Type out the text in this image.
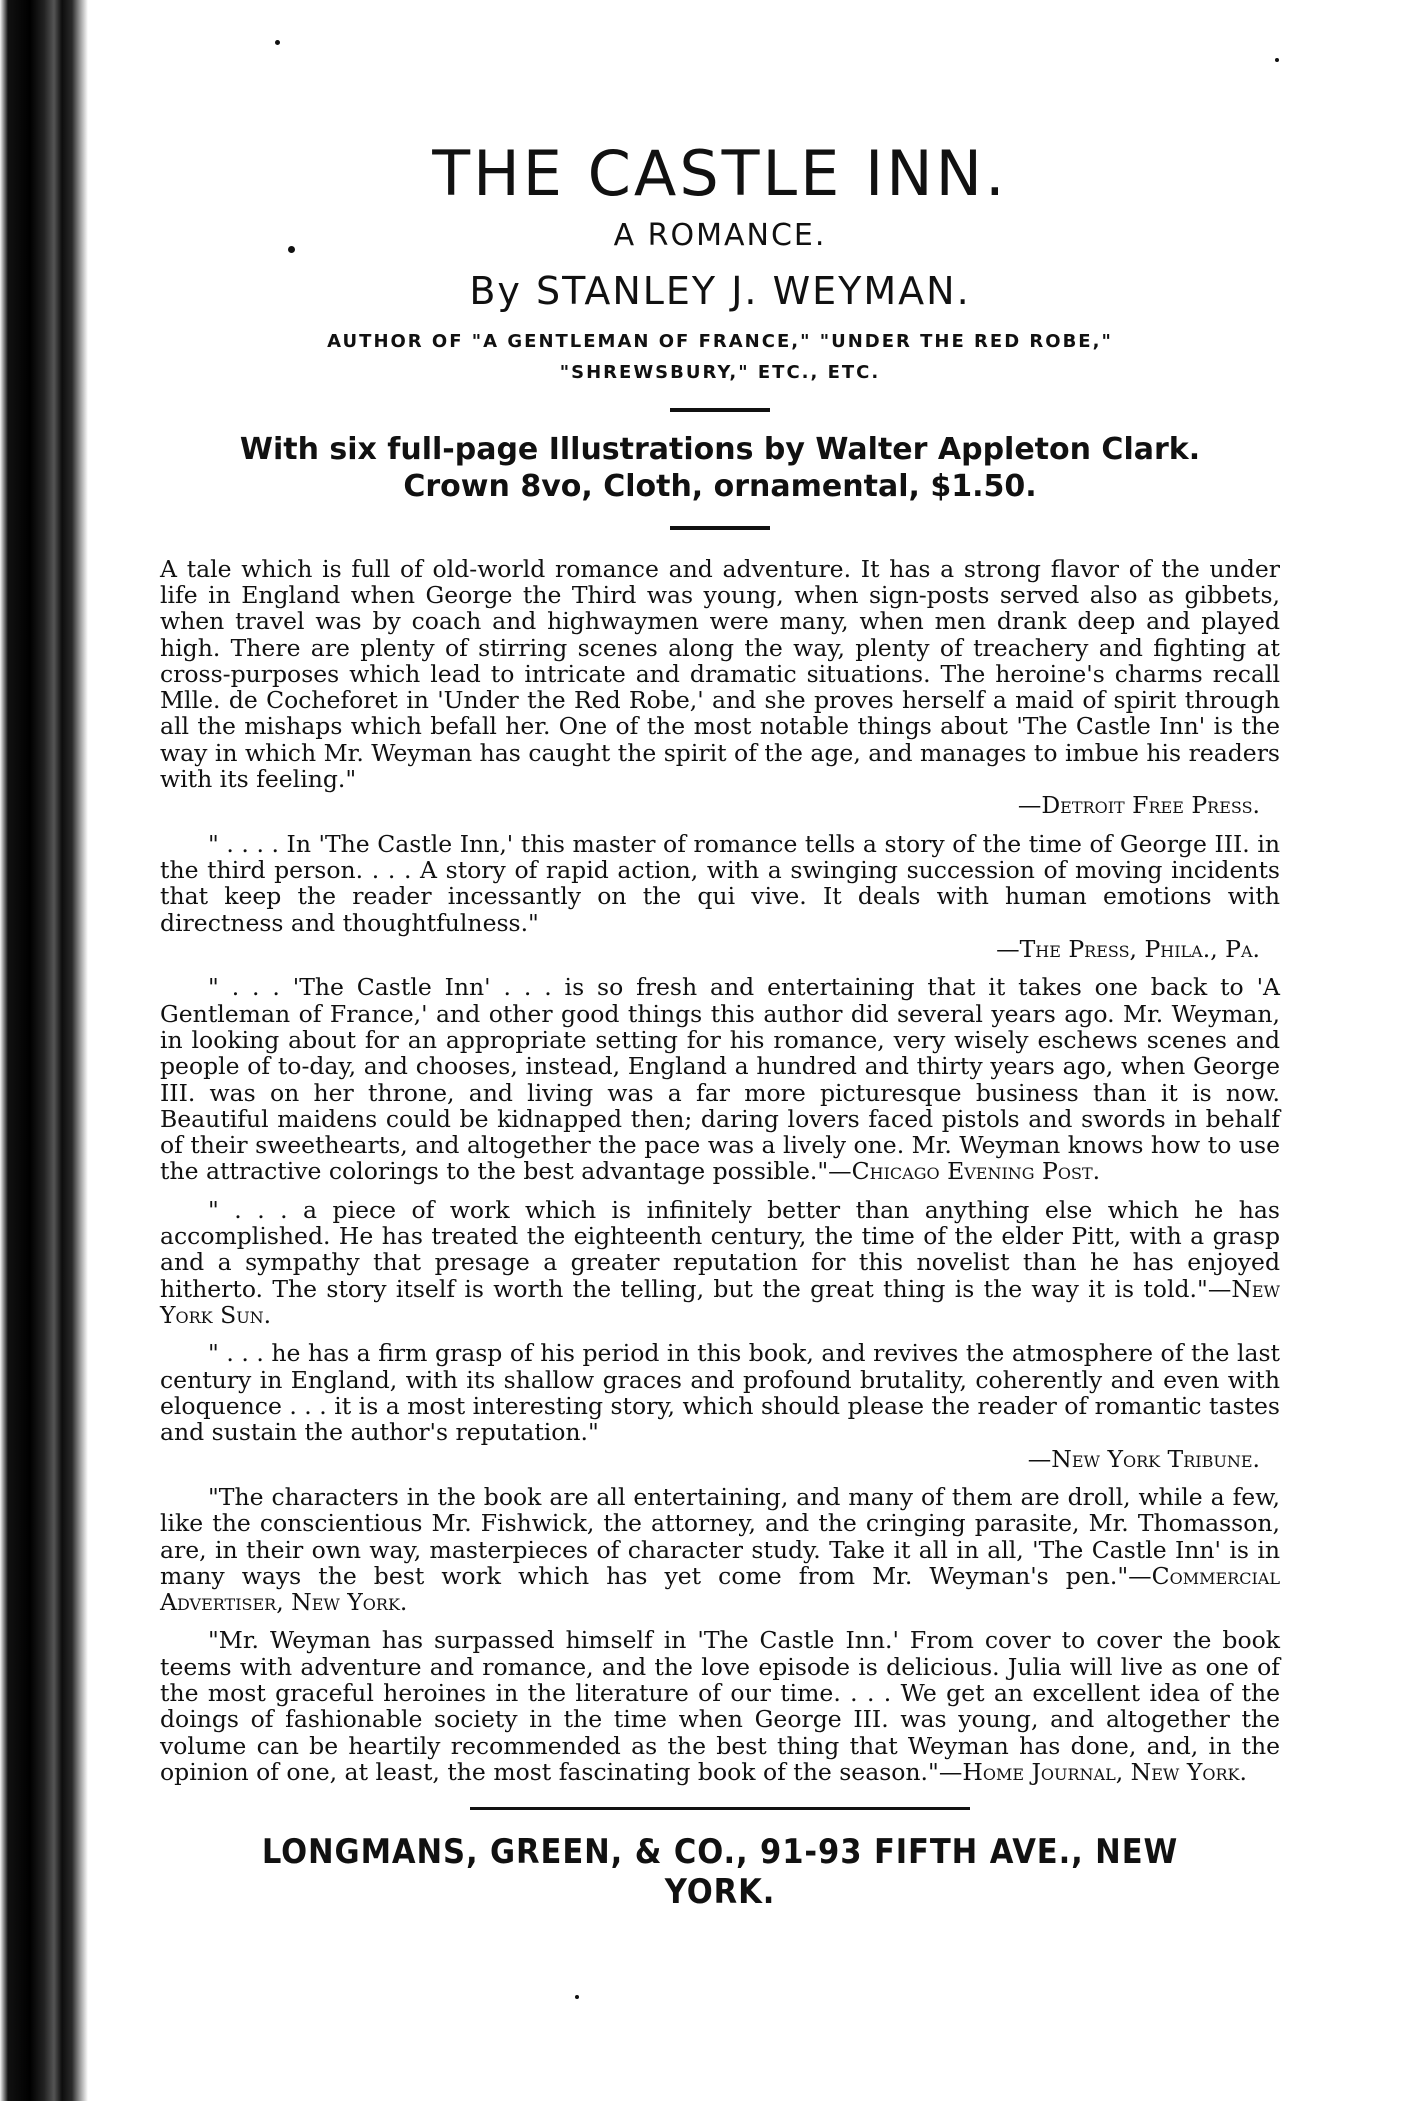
THE CASTLE INN.
A ROMANCE.
By STANLEY J. WEYMAN.
AUTHOR OF "A GENTLEMAN OF FRANCE," "UNDER THE RED ROBE,"
"SHREWSBURY," ETC., ETC.
With six full-page Illustrations by Walter Appleton Clark.
Crown 8vo, Cloth, ornamental, $1.50.

A tale which is full of old-world romance and adventure. It has a strong flavor of the under life in England when George the Third was young, when sign-posts served also as gibbets, when travel was by coach and highwaymen were many, when men drank deep and played high. There are plenty of stirring scenes along the way, plenty of treachery and fighting at cross-purposes which lead to intricate and dramatic situations. The heroine's charms recall Mlle. de Cocheforet in 'Under the Red Robe,' and she proves herself a maid of spirit through all the mishaps which befall her. One of the most notable things about 'The Castle Inn' is the way in which Mr. Weyman has caught the spirit of the age, and manages to imbue his readers with its feeling."

—Detroit Free Press.

" . . . . In 'The Castle Inn,' this master of romance tells a story of the time of George III. in the third person. . . . A story of rapid action, with a swinging succession of moving incidents that keep the reader incessantly on the qui vive. It deals with human emotions with directness and thoughtfulness."

—The Press, Phila., Pa.

" . . . 'The Castle Inn' . . . is so fresh and entertaining that it takes one back to 'A Gentleman of France,' and other good things this author did several years ago. Mr. Weyman, in looking about for an appropriate setting for his romance, very wisely eschews scenes and people of to-day, and chooses, instead, England a hundred and thirty years ago, when George III. was on her throne, and living was a far more picturesque business than it is now. Beautiful maidens could be kidnapped then; daring lovers faced pistols and swords in behalf of their sweethearts, and altogether the pace was a lively one. Mr. Weyman knows how to use the attractive colorings to the best advantage possible."—Chicago Evening Post.

" . . . a piece of work which is infinitely better than anything else which he has accomplished. He has treated the eighteenth century, the time of the elder Pitt, with a grasp and a sympathy that presage a greater reputation for this novelist than he has enjoyed hitherto. The story itself is worth the telling, but the great thing is the way it is told."—New York Sun.

" . . . he has a firm grasp of his period in this book, and revives the atmosphere of the last century in England, with its shallow graces and profound brutality, coherently and even with eloquence . . . it is a most interesting story, which should please the reader of romantic tastes and sustain the author's reputation."

—New York Tribune.

"The characters in the book are all entertaining, and many of them are droll, while a few, like the conscientious Mr. Fishwick, the attorney, and the cringing parasite, Mr. Thomasson, are, in their own way, masterpieces of character study. Take it all in all, 'The Castle Inn' is in many ways the best work which has yet come from Mr. Weyman's pen."—Commercial Advertiser, New York.

"Mr. Weyman has surpassed himself in 'The Castle Inn.' From cover to cover the book teems with adventure and romance, and the love episode is delicious. Julia will live as one of the most graceful heroines in the literature of our time. . . . We get an excellent idea of the doings of fashionable society in the time when George III. was young, and altogether the volume can be heartily recommended as the best thing that Weyman has done, and, in the opinion of one, at least, the most fascinating book of the season."—Home Journal, New York.

LONGMANS, GREEN, & CO., 91-93 FIFTH AVE., NEW YORK.
